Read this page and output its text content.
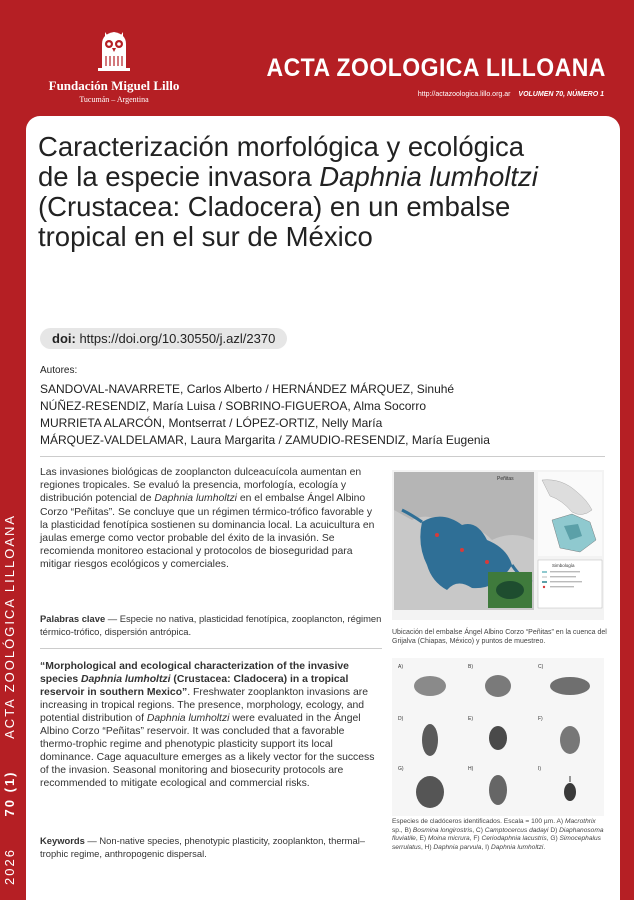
2026 70 (1) ACTA ZOOLÓGICA LILLOANA
Fundación Miguel Lillo
Tucumán – Argentina
ACTA ZOOLOGICA LILLOANA
http://actazoologica.lillo.org.ar VOLUMEN 70, NÚMERO 1
Caracterización morfológica y ecológica de la especie invasora Daphnia lumholtzi (Crustacea: Cladocera) en un embalse tropical en el sur de México
doi: https://doi.org/10.30550/j.azl/2370
Autores:
SANDOVAL-NAVARRETE, Carlos Alberto / HERNÁNDEZ MÁRQUEZ, Sinuhé
NÚÑEZ-RESENDIZ, María Luisa / SOBRINO-FIGUEROA, Alma Socorro
MURRIETA ALARCÓN, Montserrat / LÓPEZ-ORTIZ, Nelly María
MÁRQUEZ-VALDELAMAR, Laura Margarita / ZAMUDIO-RESENDIZ, María Eugenia
Las invasiones biológicas de zooplancton dulceacuícola aumentan en regiones tropicales. Se evaluó la presencia, morfología, ecología y distribución potencial de Daphnia lumholtzi en el embalse Ángel Albino Corzo “Peñitas”. Se concluye que un régimen térmico-trófico favorable y la plasticidad fenotípica sostienen su dominancia local. La acuicultura en jaulas emerge como vector probable del éxito de la invasión. Se recomienda monitoreo estacional y protocolos de bioseguridad para mitigar riesgos ecológicos y comerciales.
Palabras clave — Especie no nativa, plasticidad fenotípica, zooplancton, régimen térmico-trófico, dispersión antrópica.
“Morphological and ecological characterization of the invasive species Daphnia lumholtzi (Crustacea: Cladocera) in a tropical reservoir in southern Mexico”. Freshwater zooplankton invasions are increasing in tropical regions. The presence, morphology, ecology, and potential distribution of Daphnia lumholtzi were evaluated in the Ángel Albino Corzo “Peñitas” reservoir. It was concluded that a favorable thermo-trophic regime and phenotypic plasticity support its local dominance. Cage aquaculture emerges as a likely vector for the success of the invasion. Seasonal monitoring and biosecurity protocols are recommended to mitigate ecological and commercial risks.
Keywords — Non-native species, phenotypic plasticity, zooplankton, thermal–trophic regime, anthropogenic dispersal.
Peñitas
Simbología
Ubicación del embalse Ángel Albino Corzo “Peñitas” en la cuenca del Grijalva (Chiapas, México) y puntos de muestreo.
A)	B)	C)
D)	E)	F)
G)	H)	I)
Especies de cladóceros identificados. Escala = 100 µm. A) Macrothrix sp., B) Bosmina longirostris, C) Camptocercus dadayi D) Diaphanosoma fluviatile, E) Moina micrura, F) Ceriodaphnia lacustris, G) Simocephalus serrulatus, H) Daphnia parvula, I) Daphnia lumholtzi.
